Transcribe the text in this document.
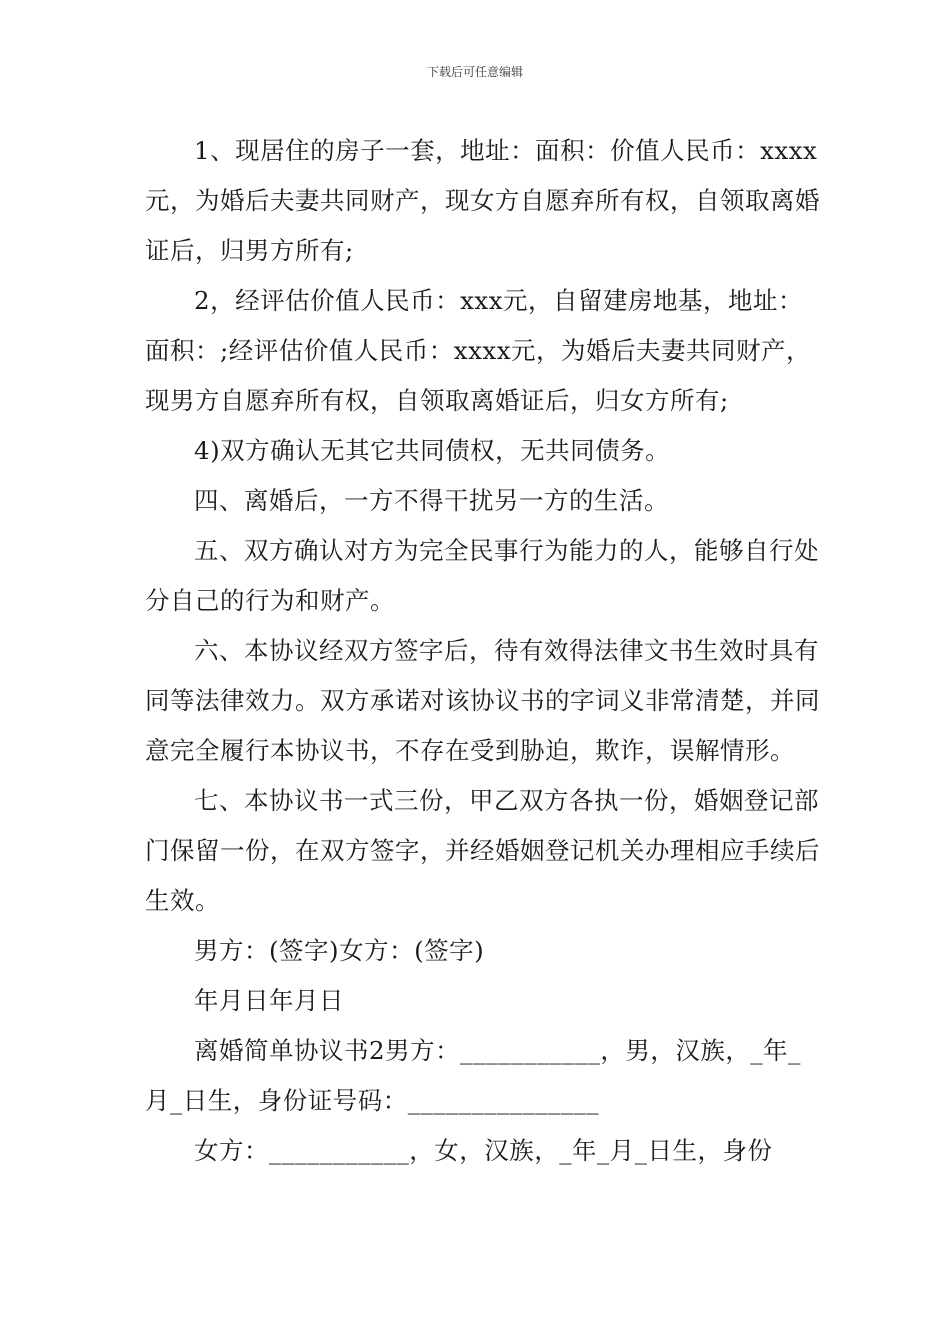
下载后可任意编辑

1、现居住的房子一套，地址：面积：价值人民币：xxxx元，为婚后夫妻共同财产，现女方自愿弃所有权，自领取离婚证后，归男方所有;

2，经评估价值人民币：xxx元，自留建房地基，地址：面积：;经评估价值人民币：xxxx元，为婚后夫妻共同财产，现男方自愿弃所有权，自领取离婚证后，归女方所有;

4)双方确认无其它共同债权，无共同债务。

四、离婚后，一方不得干扰另一方的生活。

五、双方确认对方为完全民事行为能力的人，能够自行处分自己的行为和财产。

六、本协议经双方签字后，待有效得法律文书生效时具有同等法律效力。双方承诺对该协议书的字词义非常清楚，并同意完全履行本协议书，不存在受到胁迫，欺诈，误解情形。

七、本协议书一式三份，甲乙双方各执一份，婚姻登记部门保留一份，在双方签字，并经婚姻登记机关办理相应手续后生效。

男方：(签字)女方：(签字)

年月日年月日

离婚简单协议书2男方：___________，男，汉族，_年_月_日生，身份证号码：_______________

女方：___________，女，汉族，_年_月_日生，身份
